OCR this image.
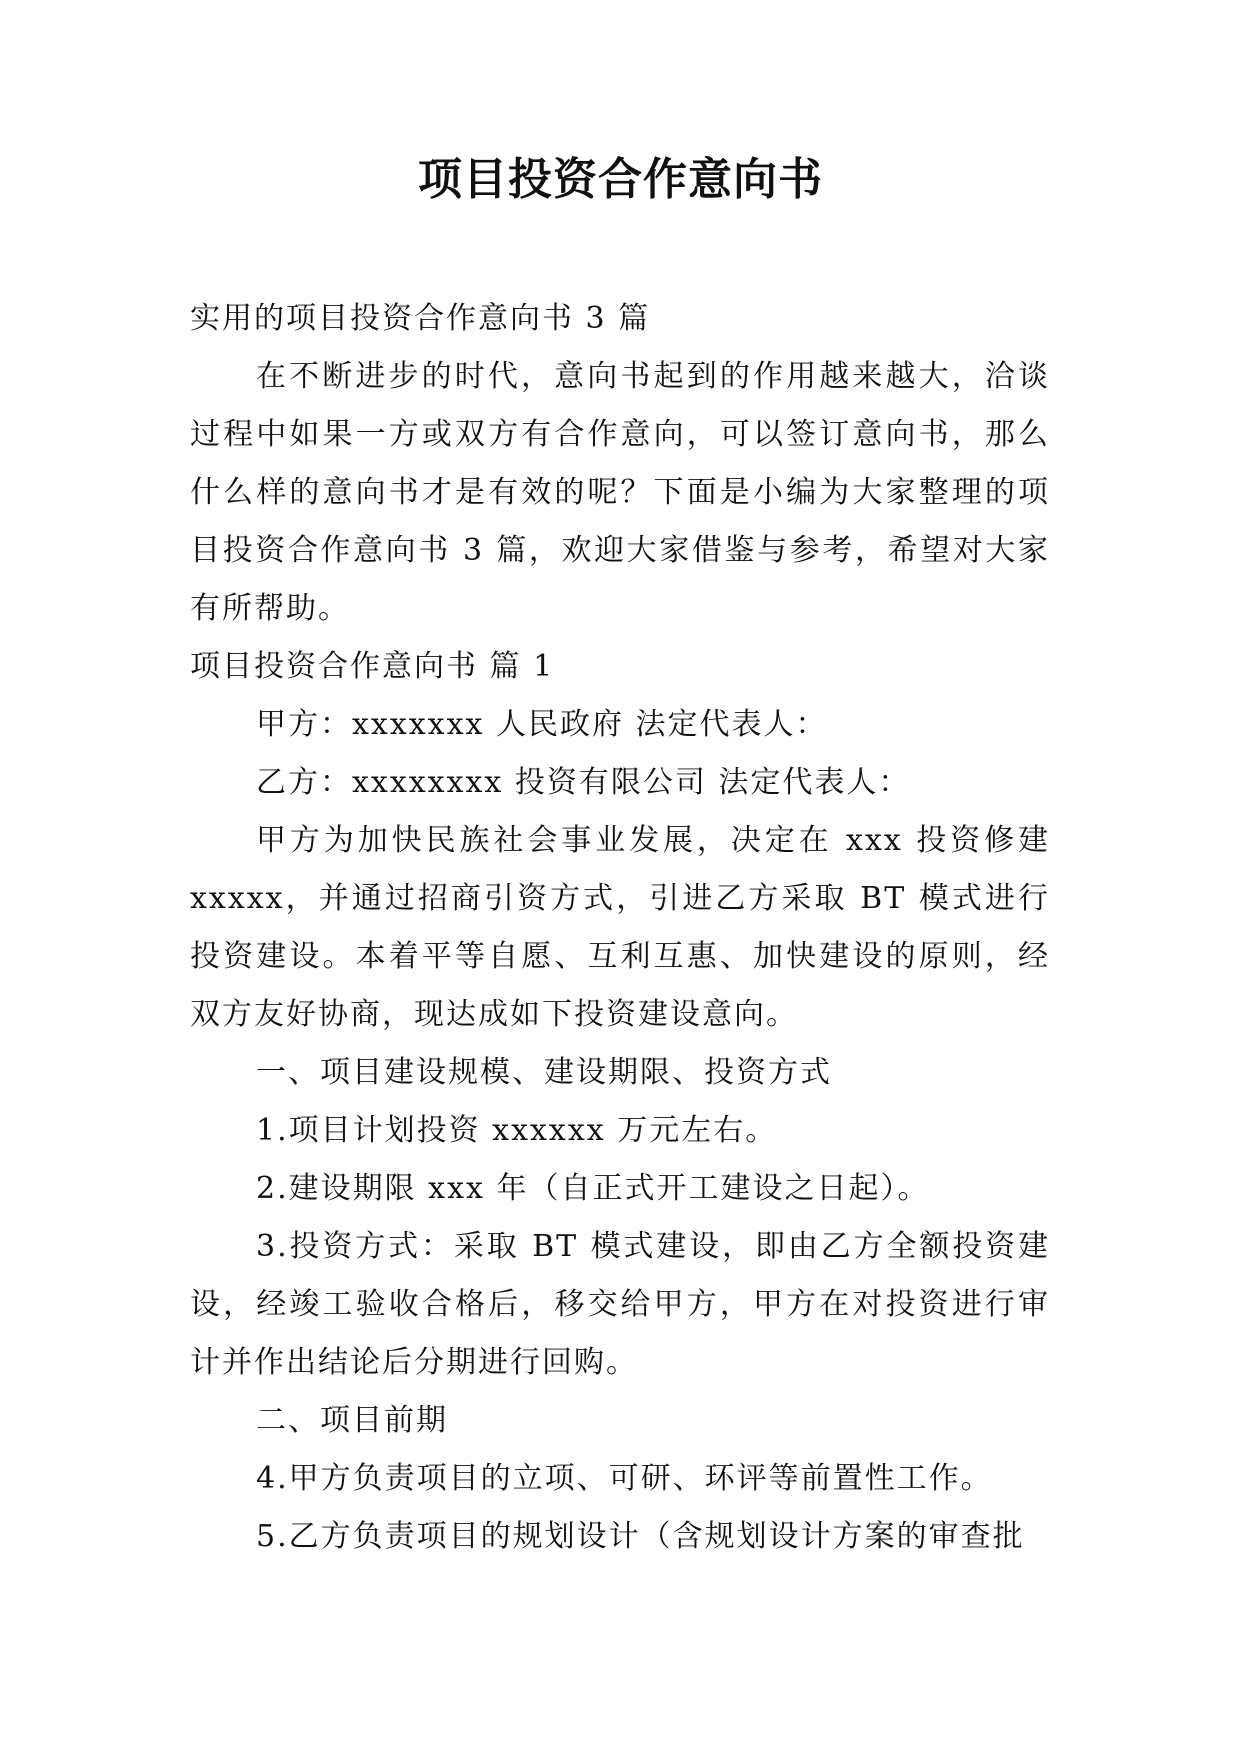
项目投资合作意向书

实用的项目投资合作意向书 3 篇

在不断进步的时代，意向书起到的作用越来越大，洽谈过程中如果一方或双方有合作意向，可以签订意向书，那么什么样的意向书才是有效的呢？下面是小编为大家整理的项目投资合作意向书 3 篇，欢迎大家借鉴与参考，希望对大家有所帮助。

项目投资合作意向书 篇 1

甲方：xxxxxxx 人民政府 法定代表人：

乙方：xxxxxxxx 投资有限公司 法定代表人：

甲方为加快民族社会事业发展，决定在 xxx 投资修建 xxxxx，并通过招商引资方式，引进乙方采取 BT 模式进行投资建设。本着平等自愿、互利互惠、加快建设的原则，经双方友好协商，现达成如下投资建设意向。

一、项目建设规模、建设期限、投资方式

1.项目计划投资 xxxxxx 万元左右。

2.建设期限 xxx 年（自正式开工建设之日起）。

3.投资方式：采取 BT 模式建设，即由乙方全额投资建设，经竣工验收合格后，移交给甲方，甲方在对投资进行审计并作出结论后分期进行回购。

二、项目前期

4.甲方负责项目的立项、可研、环评等前置性工作。

5.乙方负责项目的规划设计（含规划设计方案的审查批
